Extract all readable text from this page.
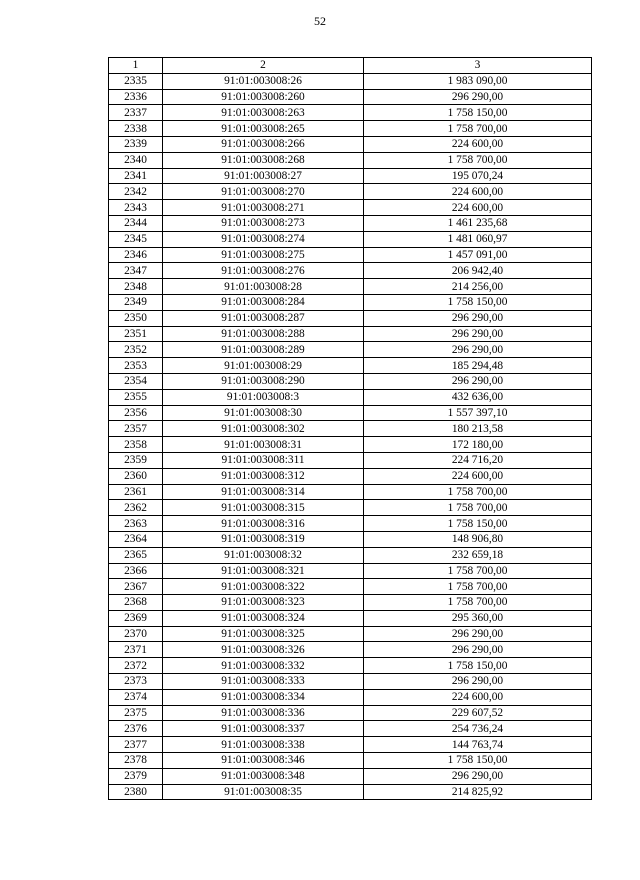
52
1	2	3
2335	91:01:003008:26	1 983 090,00
2336	91:01:003008:260	296 290,00
2337	91:01:003008:263	1 758 150,00
2338	91:01:003008:265	1 758 700,00
2339	91:01:003008:266	224 600,00
2340	91:01:003008:268	1 758 700,00
2341	91:01:003008:27	195 070,24
2342	91:01:003008:270	224 600,00
2343	91:01:003008:271	224 600,00
2344	91:01:003008:273	1 461 235,68
2345	91:01:003008:274	1 481 060,97
2346	91:01:003008:275	1 457 091,00
2347	91:01:003008:276	206 942,40
2348	91:01:003008:28	214 256,00
2349	91:01:003008:284	1 758 150,00
2350	91:01:003008:287	296 290,00
2351	91:01:003008:288	296 290,00
2352	91:01:003008:289	296 290,00
2353	91:01:003008:29	185 294,48
2354	91:01:003008:290	296 290,00
2355	91:01:003008:3	432 636,00
2356	91:01:003008:30	1 557 397,10
2357	91:01:003008:302	180 213,58
2358	91:01:003008:31	172 180,00
2359	91:01:003008:311	224 716,20
2360	91:01:003008:312	224 600,00
2361	91:01:003008:314	1 758 700,00
2362	91:01:003008:315	1 758 700,00
2363	91:01:003008:316	1 758 150,00
2364	91:01:003008:319	148 906,80
2365	91:01:003008:32	232 659,18
2366	91:01:003008:321	1 758 700,00
2367	91:01:003008:322	1 758 700,00
2368	91:01:003008:323	1 758 700,00
2369	91:01:003008:324	295 360,00
2370	91:01:003008:325	296 290,00
2371	91:01:003008:326	296 290,00
2372	91:01:003008:332	1 758 150,00
2373	91:01:003008:333	296 290,00
2374	91:01:003008:334	224 600,00
2375	91:01:003008:336	229 607,52
2376	91:01:003008:337	254 736,24
2377	91:01:003008:338	144 763,74
2378	91:01:003008:346	1 758 150,00
2379	91:01:003008:348	296 290,00
2380	91:01:003008:35	214 825,92
